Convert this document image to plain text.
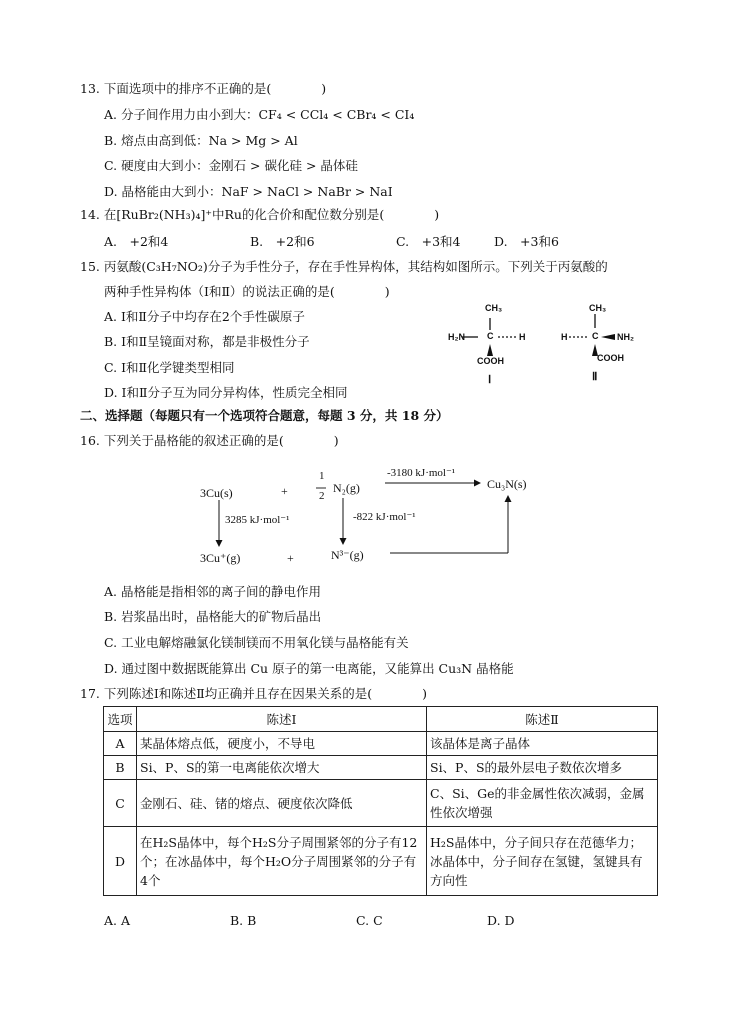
13. 下面选项中的排序不正确的是(　　　　)
A. 分子间作用力由小到大：CF₄ < CCl₄ < CBr₄ < CI₄
B. 熔点由高到低：Na > Mg > Al
C. 硬度由大到小：金刚石 > 碳化硅 > 晶体硅
D. 晶格能由大到小：NaF > NaCl > NaBr > NaI
14. 在[RuBr₂(NH₃)₄]⁺中Ru的化合价和配位数分别是(　　　　)
A.　+2和4	B.　+2和6	C.　+3和4	D.　+3和6
15. 丙氨酸(C₃H₇NO₂)分子为手性分子，存在手性异构体，其结构如图所示。下列关于丙氨酸的
两种手性异构体（Ⅰ和Ⅱ）的说法正确的是(　　　　)
A. Ⅰ和Ⅱ分子中均存在2个手性碳原子
B. Ⅰ和Ⅱ呈镜面对称，都是非极性分子
C. Ⅰ和Ⅱ化学键类型相同
D. Ⅰ和Ⅱ分子互为同分异构体，性质完全相同
CH₃
H₂N C	H
COOH
Ⅰ
CH₃
H	C NH₂
COOH
Ⅱ
二、选择题（每题只有一个选项符合题意，每题 3 分，共 18 分）
16. 下列关于晶格能的叙述正确的是(　　　　)
3Cu(s)	+
1
2
N₂(g)
-3180 kJ·mol⁻¹
Cu₃N(s)
3285 kJ·mol⁻¹	-822 kJ·mol⁻¹
3Cu⁺(g)	+	N³⁻(g)
A. 晶格能是指相邻的离子间的静电作用
B. 岩浆晶出时，晶格能大的矿物后晶出
C. 工业电解熔融氯化镁制镁而不用氧化镁与晶格能有关
D. 通过图中数据既能算出 Cu 原子的第一电离能，又能算出 Cu₃N 晶格能
17. 下列陈述Ⅰ和陈述Ⅱ均正确并且存在因果关系的是(　　　　)
选项	陈述Ⅰ	陈述Ⅱ
A	某晶体熔点低，硬度小，不导电	该晶体是离子晶体
B	Si、P、S的第一电离能依次增大	Si、P、S的最外层电子数依次增多
C	金刚石、硅、锗的熔点、硬度依次降低	C、Si、Ge的非金属性依次减弱，金属性依次增强
D	在H₂S晶体中，每个H₂S分子周围紧邻的分子有12个；在冰晶体中，每个H₂O分子周围紧邻的分子有4个	H₂S晶体中，分子间只存在范德华力；冰晶体中，分子间存在氢键，氢键具有方向性
A. A	B. B	C. C	D. D
